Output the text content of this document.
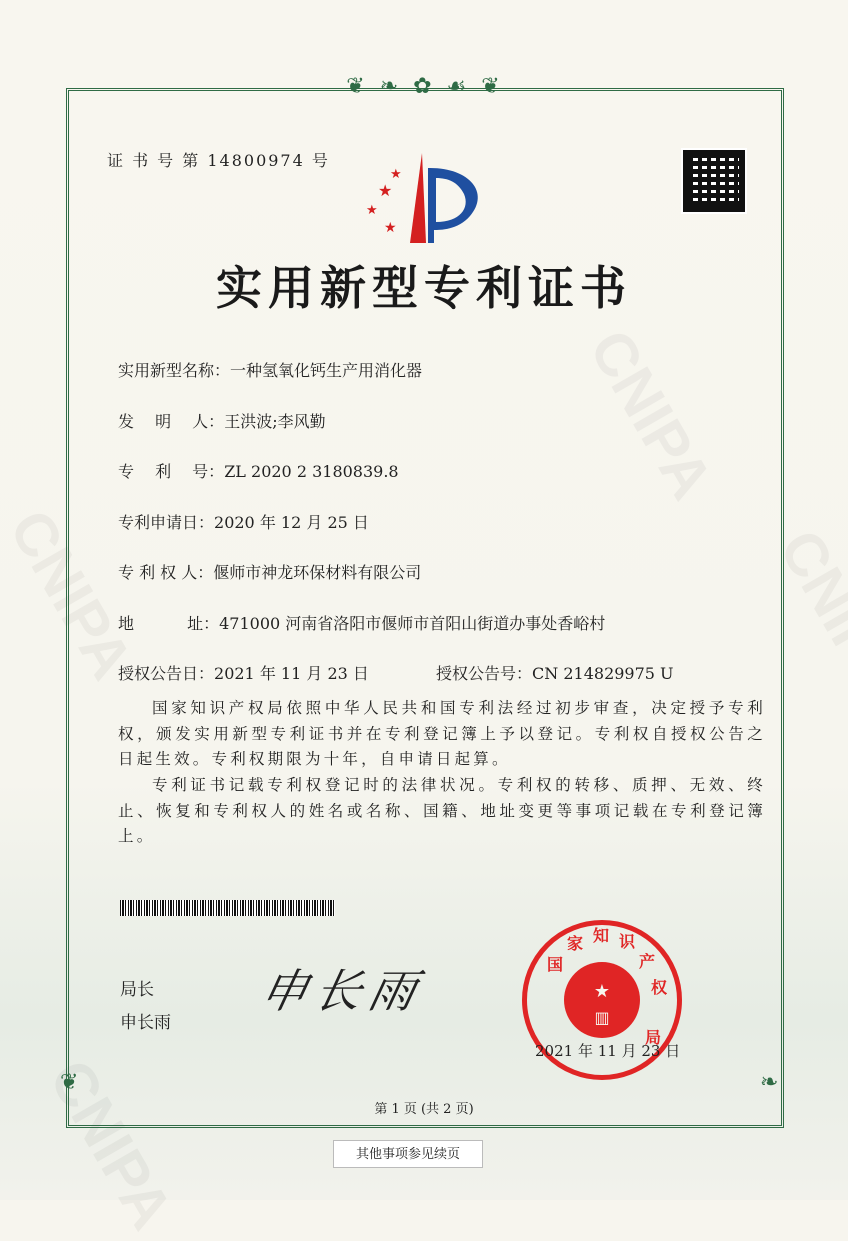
❦ ❧ ✿ ☙ ❦
❦	❧
证 书 号 第 14800974 号
★
★
★
★
实用新型专利证书
实用新型名称：一种氢氧化钙生产用消化器
发　 明　 人：王洪波;李风勤
专　 利　 号：ZL 2020 2 3180839.8
专利申请日：2020 年 12 月 25 日
专 利 权 人：偃师市神龙环保材料有限公司
地　　　 址：471000 河南省洛阳市偃师市首阳山街道办事处香峪村
授权公告日：2021 年 11 月 23 日	授权公告号：CN 214829975 U
国家知识产权局依照中华人民共和国专利法经过初步审查，决定授予专利权，颁发实用新型专利证书并在专利登记簿上予以登记。专利权自授权公告之日起生效。专利权期限为十年，自申请日起算。
专利证书记载专利权登记时的法律状况。专利权的转移、质押、无效、终止、恢复和专利权人的姓名或名称、国籍、地址变更等事项记载在专利登记簿上。
局长
申长雨
申长雨	★
▥
国
家 知 识
产
权
局
2021 年 11 月 23 日
第 1 页 (共 2 页)
其他事项参见续页
